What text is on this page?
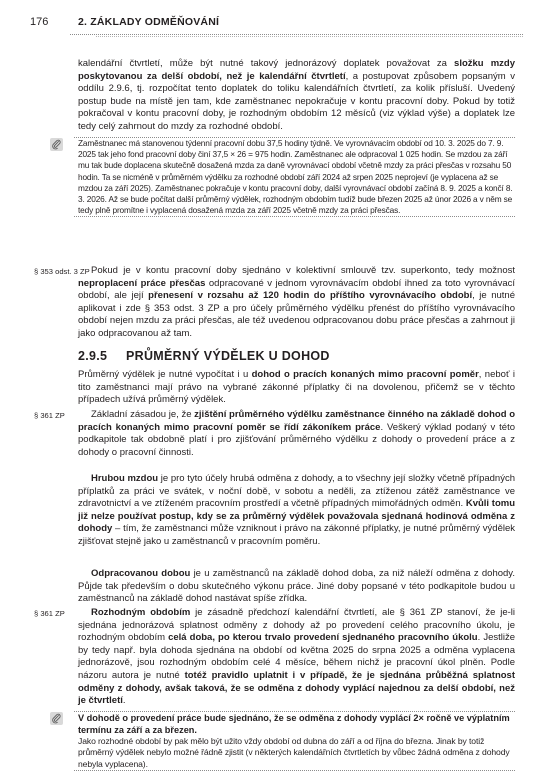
176	2. ZÁKLADY ODMĚŇOVÁNÍ

kalendářní čtvrtletí, může být nutné takový jednorázový doplatek považovat za složku mzdy poskytovanou za delší období, než je kalendářní čtvrtletí, a postupovat způsobem popsaným v oddílu 2.9.6, tj. rozpočítat tento doplatek do toliku kalendářních čtvrtletí, za kolik přísluší. Uvedený postup bude na místě jen tam, kde zaměstnanec nepokračuje v kontu pracovní doby. Pokud by totiž pokračoval v kontu pracovní doby, je rozhodným obdobím 12 měsíců (viz výklad výše) a doplatek lze tedy celý zahrnout do mzdy za rozhodné období.

Zaměstnanec má stanovenou týdenní pracovní dobu 37,5 hodiny týdně. Ve vyrovnávacím období od 10. 3. 2025 do 7. 9. 2025 tak jeho fond pracovní doby činí 37,5 × 26 = 975 hodin. Zaměstnanec ale odpracoval 1 025 hodin. Se mzdou za září mu tak bude doplacena skutečně dosažená mzda za daně vyrovnávací období včetně mzdy za práci přesčas v rozsahu 50 hodin. Ta se nicméně v průměrném výdělku za rozhodné období září 2024 až srpen 2025 neprojeví (je vyplacena až se mzdou za září 2025). Zaměstnanec pokračuje v kontu pracovní doby, další vyrovnávací období začíná 8. 9. 2025 a končí 8. 3. 2026. Až se bude počítat další průměrný výdělek, rozhodným obdobím tudíž bude březen 2025 až únor 2026 a v něm se tedy plně promítne i vyplacená dosažená mzda za září 2025 včetně mzdy za práci přesčas.
§ 353 odst. 3 ZP Pokud je v kontu pracovní doby sjednáno v kolektivní smlouvě tzv. superkonto, tedy možnost neproplacení práce přesčas odpracované v jednom vyrovnávacím období ihned za toto vyrovnávací období, ale její přenesení v rozsahu až 120 hodin do příštího vyrovnávacího období, je nutné aplikovat i zde § 353 odst. 3 ZP a pro účely průměrného výdělku přenést do příštího vyrovnávacího období nejen mzdu za práci přesčas, ale též uvedenou odpracovanou dobu práce přesčas a zahrnout ji jako odpracovanou až tam.

2.9.5 PRŮMĚRNÝ VÝDĚLEK U DOHOD

Průměrný výdělek je nutné vypočítat i u dohod o pracích konaných mimo pracovní poměr, neboť i tito zaměstnanci mají právo na vybrané zákonné příplatky či na dovolenou, přičemž se v těchto případech užívá průměrný výdělek.

§ 361 ZP	Základní zásadou je, že zjištění průměrného výdělku zaměstnance činného na základě dohod o pracích konaných mimo pracovní poměr se řídí zákoníkem práce. Veškerý výklad podaný v této podkapitole tak obdobně platí i pro zjišťování průměrného výdělku z dohody o provedení práce a z dohody o pracovní činnosti.

Hrubou mzdou je pro tyto účely hrubá odměna z dohody, a to všechny její složky včetně případných příplatků za práci ve svátek, v noční době, v sobotu a neděli, za ztíženou zátěž zaměstnance ve zdravotnictví a ve ztíženém pracovním prostředí a včetně případných mimořádných odměn. Kvůli tomu již nelze používat postup, kdy se za průměrný výdělek považovala sjednaná hodinová odměna z dohody – tím, že zaměstnanci může vzniknout i právo na zákonné příplatky, je nutné průměrný výdělek zjišťovat stejně jako u zaměstnanců v pracovním poměru.

Odpracovanou dobou je u zaměstnanců na základě dohod doba, za niž náleží odměna z dohody. Půjde tak především o dobu skutečného výkonu práce. Jiné doby popsané v této podkapitole budou u zaměstnanců na základě dohod nastávat spíše zřídka.

§ 361 ZP	Rozhodným obdobím je zásadně předchozí kalendářní čtvrtletí, ale § 361 ZP stanoví, že je-li sjednána jednorázová splatnost odměny z dohody až po provedení celého pracovního úkolu, je rozhodným obdobím celá doba, po kterou trvalo provedení sjednaného pracovního úkolu. Jestliže by tedy např. byla dohoda sjednána na období od května 2025 do srpna 2025 a odměna vyplacena jednorázově, jsou rozhodným obdobím celé 4 měsíce, během nichž je pracovní úkol plněn. Podle názoru autora je nutné totéž pravidlo uplatnit i v případě, že je sjednána průběžná splatnost odměny z dohody, avšak taková, že se odměna z dohody vyplácí najednou za delší období, než je čtvrtletí.

V dohodě o provedení práce bude sjednáno, že se odměna z dohody vyplácí 2× ročně ve výplatním termínu za září a za březen.
Jako rozhodné období by pak mělo být užito vždy období od dubna do září a od října do března. Jinak by totiž průměrný výdělek nebylo možné řádně zjistit (v některých kalendářních čtvrtletích by vůbec žádná odměna z dohody nebyla vyplacena).
